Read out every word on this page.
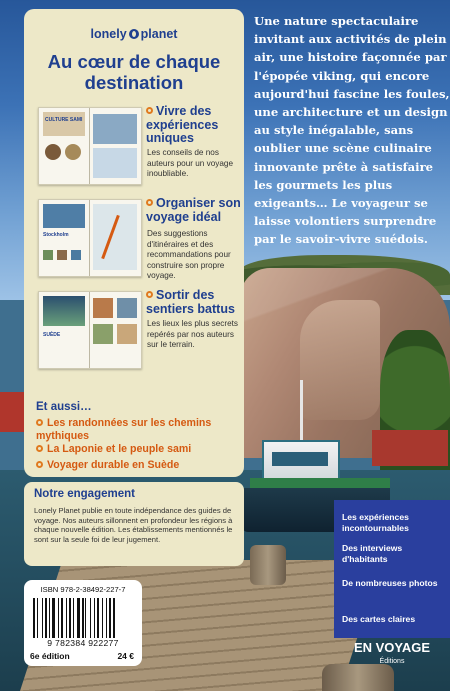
lonely planet
Au cœur de chaque destination
CULTURE SAMI
Vivre des expériences uniques
Les conseils de nos auteurs pour un voyage inoubliable.
Stockholm
Organiser son voyage idéal
Des suggestions d'itinéraires et des recommandations pour construire son propre voyage.
SUÈDE
Sortir des sentiers battus
Les lieux les plus secrets repérés par nos auteurs sur le terrain.
Et aussi…
Les randonnées sur les chemins mythiques
La Laponie et le peuple sami
Voyager durable en Suède
Notre engagement
Lonely Planet publie en toute indépendance des guides de voyage. Nos auteurs sillonnent en profondeur les régions à chaque nouvelle édition. Les établissements mentionnés le sont sur la seule foi de leur jugement.
ISBN 978-2-38492-227-7
9 782384 922277
6e édition	24 €
Une nature spectaculaire invitant aux activités de plein air, une histoire façonnée par l'épopée viking, qui encore aujourd'hui fascine les foules, une architecture et un design au style inégalable, sans oublier une scène culinaire innovante prête à satisfaire les gourmets les plus exigeants… Le voyageur se laisse volontiers surprendre par le savoir-vivre suédois.
Les expériences incontournables
Des interviews d'habitants
De nombreuses photos
Des cartes claires
EN VOYAGE
Éditions
